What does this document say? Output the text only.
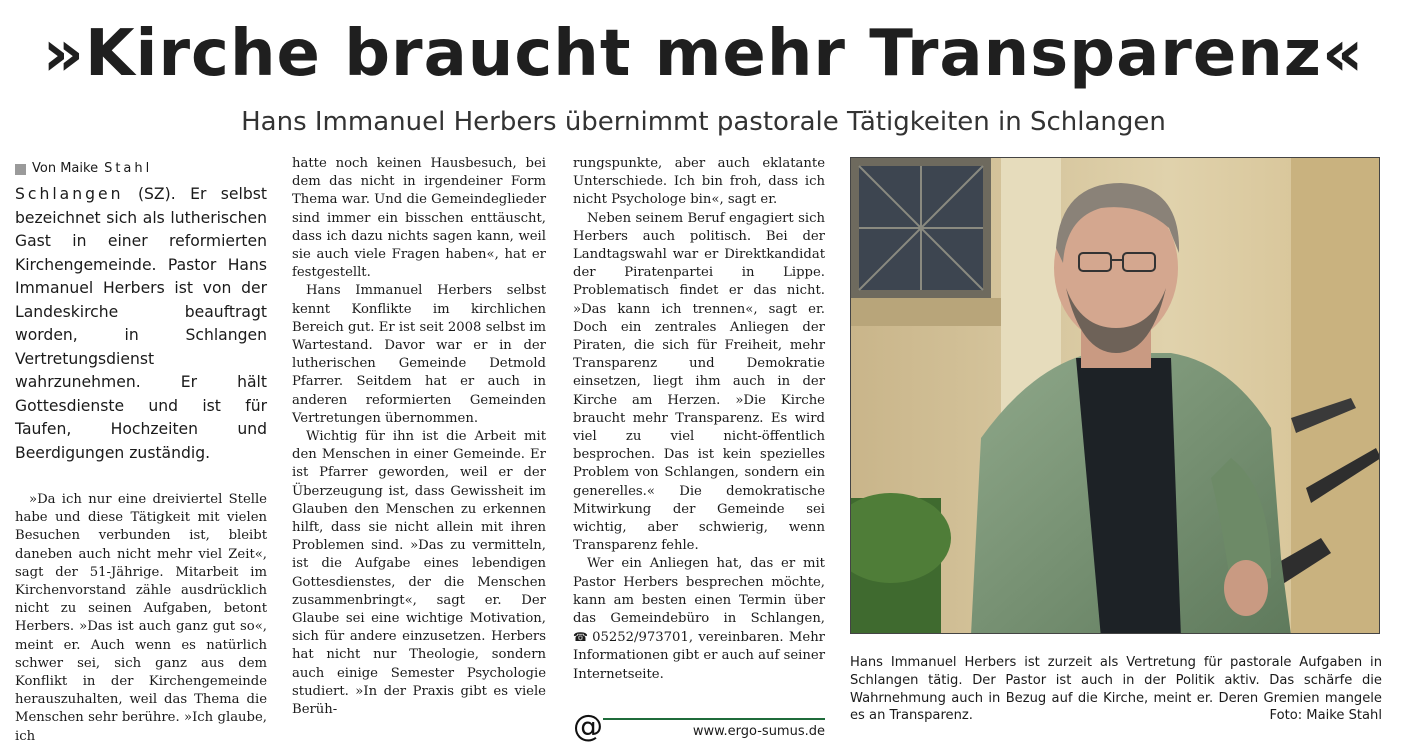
»Kirche braucht mehr Transparenz«
Hans Immanuel Herbers übernimmt pastorale Tätigkeiten in Schlangen
Von Maike Stahl

Schlangen (SZ). Er selbst bezeichnet sich als lutherischen Gast in einer reformierten Kirchengemeinde. Pastor Hans Immanuel Herbers ist von der Landeskirche beauftragt worden, in Schlangen Vertretungsdienst wahrzunehmen. Er hält Gottesdienste und ist für Taufen, Hochzeiten und Beerdigungen zuständig.

»Da ich nur eine dreiviertel Stelle habe und diese Tätigkeit mit vielen Besuchen verbunden ist, bleibt daneben auch nicht mehr viel Zeit«, sagt der 51-Jährige. Mitarbeit im Kirchenvorstand zähle ausdrücklich nicht zu seinen Aufgaben, betont Herbers. »Das ist auch ganz gut so«, meint er. Auch wenn es natürlich schwer sei, sich ganz aus dem Konflikt in der Kirchengemeinde herauszuhalten, weil das Thema die Menschen sehr berühre. »Ich glaube, ich

hatte noch keinen Hausbesuch, bei dem das nicht in irgendeiner Form Thema war. Und die Gemeindeglieder sind immer ein bisschen enttäuscht, dass ich dazu nichts sagen kann, weil sie auch viele Fragen haben«, hat er festgestellt.

Hans Immanuel Herbers selbst kennt Konflikte im kirchlichen Bereich gut. Er ist seit 2008 selbst im Wartestand. Davor war er in der lutherischen Gemeinde Detmold Pfarrer. Seitdem hat er auch in anderen reformierten Gemeinden Vertretungen übernommen.

Wichtig für ihn ist die Arbeit mit den Menschen in einer Gemeinde. Er ist Pfarrer geworden, weil er der Überzeugung ist, dass Gewissheit im Glauben den Menschen zu erkennen hilft, dass sie nicht allein mit ihren Problemen sind. »Das zu vermitteln, ist die Aufgabe eines lebendigen Gottesdienstes, der die Menschen zusammenbringt«, sagt er. Der Glaube sei eine wichtige Motivation, sich für andere einzusetzen. Herbers hat nicht nur Theologie, sondern auch einige Semester Psychologie studiert. »In der Praxis gibt es viele Berüh-

rungspunkte, aber auch eklatante Unterschiede. Ich bin froh, dass ich nicht Psychologe bin«, sagt er.

Neben seinem Beruf engagiert sich Herbers auch politisch. Bei der Landtagswahl war er Direktkandidat der Piratenpartei in Lippe. Problematisch findet er das nicht. »Das kann ich trennen«, sagt er. Doch ein zentrales Anliegen der Piraten, die sich für Freiheit, mehr Transparenz und Demokratie einsetzen, liegt ihm auch in der Kirche am Herzen. »Die Kirche braucht mehr Transparenz. Es wird viel zu viel nicht-öffentlich besprochen. Das ist kein spezielles Problem von Schlangen, sondern ein generelles.« Die demokratische Mitwirkung der Gemeinde sei wichtig, aber schwierig, wenn Transparenz fehle.

Wer ein Anliegen hat, das er mit Pastor Herbers besprechen möchte, kann am besten einen Termin über das Gemeindebüro in Schlangen, ☎ 05252/973701, vereinbaren. Mehr Informationen gibt er auch auf seiner Internetseite.

Hans Immanuel Herbers ist zurzeit als Vertretung für pastorale Aufgaben in Schlangen tätig. Der Pastor ist auch in der Politik aktiv. Das schärfe die Wahrnehmung auch in Bezug auf die Kirche, meint er. Deren Gremien mangele es an Transparenz.	Foto: Maike Stahl
@	www.ergo-sumus.de
